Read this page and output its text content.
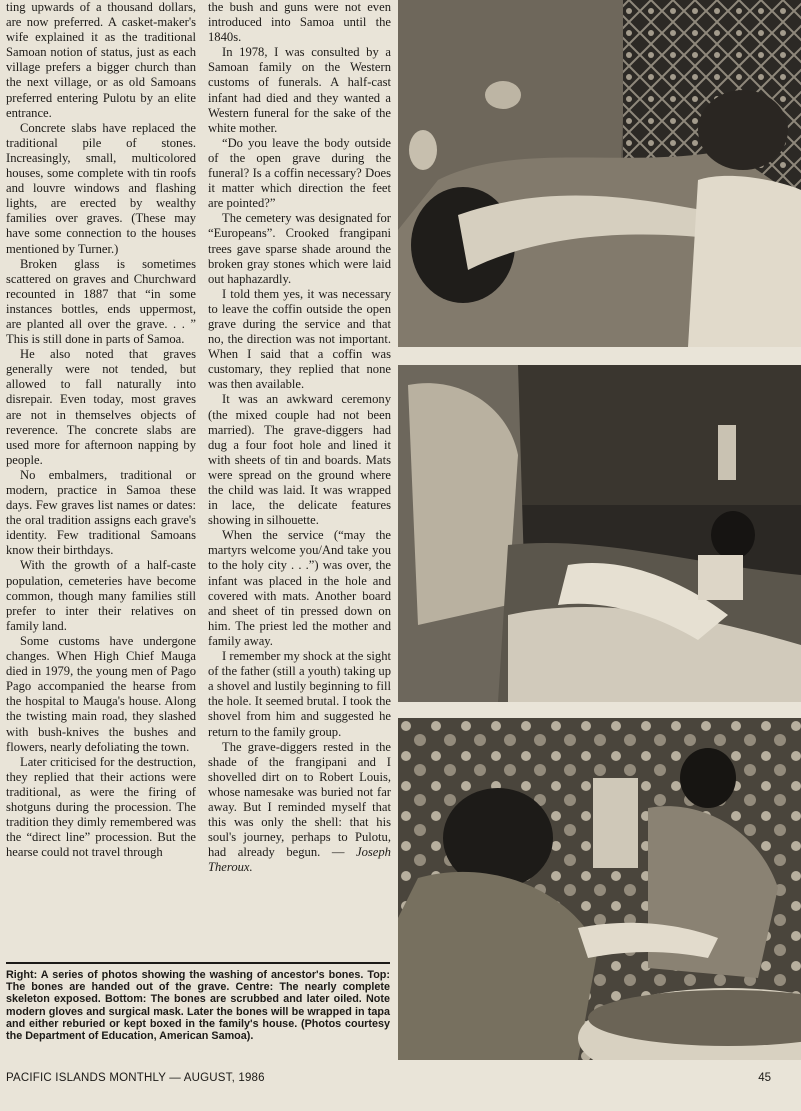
ting upwards of a thousand dollars, are now preferred. A casket-maker's wife explained it as the traditional Samoan notion of status, just as each village prefers a bigger church than the next village, or as old Samoans preferred entering Pulotu by an elite entrance.

Concrete slabs have replaced the traditional pile of stones. Increasingly, small, multicolored houses, some complete with tin roofs and louvre windows and flashing lights, are erected by wealthy families over graves. (These may have some connection to the houses mentioned by Turner.)

Broken glass is sometimes scattered on graves and Churchward recounted in 1887 that “in some instances bottles, ends uppermost, are planted all over the grave. . . ” This is still done in parts of Samoa.

He also noted that graves generally were not tended, but allowed to fall naturally into disrepair. Even today, most graves are not in themselves objects of reverence. The concrete slabs are used more for afternoon napping by people.

No embalmers, traditional or modern, practice in Samoa these days. Few graves list names or dates: the oral tradition assigns each grave's identity. Few traditional Samoans know their birthdays.

With the growth of a half-caste population, cemeteries have become common, though many families still prefer to inter their relatives on family land.

Some customs have undergone changes. When High Chief Mauga died in 1979, the young men of Pago Pago accompanied the hearse from the hospital to Mauga's house. Along the twisting main road, they slashed with bush-knives the bushes and flowers, nearly defoliating the town.

Later criticised for the destruction, they replied that their actions were traditional, as were the firing of shotguns during the procession. The tradition they dimly remembered was the “direct line” procession. But the hearse could not travel through

the bush and guns were not even introduced into Samoa until the 1840s.

In 1978, I was consulted by a Samoan family on the Western customs of funerals. A half-cast infant had died and they wanted a Western funeral for the sake of the white mother.

“Do you leave the body outside of the open grave during the funeral? Is a coffin necessary? Does it matter which direction the feet are pointed?”

The cemetery was designated for “Europeans”. Crooked frangipani trees gave sparse shade around the broken gray stones which were laid out haphazardly.

I told them yes, it was necessary to leave the coffin outside the open grave during the service and that no, the direction was not important. When I said that a coffin was customary, they replied that none was then available.

It was an awkward ceremony (the mixed couple had not been married). The grave-diggers had dug a four foot hole and lined it with sheets of tin and boards. Mats were spread on the ground where the child was laid. It was wrapped in lace, the delicate features showing in silhouette.

When the service (“may the martyrs welcome you/And take you to the holy city . . .”) was over, the infant was placed in the hole and covered with mats. Another board and sheet of tin pressed down on him. The priest led the mother and family away.

I remember my shock at the sight of the father (still a youth) taking up a shovel and lustily beginning to fill the hole. It seemed brutal. I took the shovel from him and suggested he return to the family group.

The grave-diggers rested in the shade of the frangipani and I shovelled dirt on to Robert Louis, whose namesake was buried not far away. But I reminded myself that this was only the shell: that his soul's journey, perhaps to Pulotu, had already begun. — Joseph Theroux.

Right: A series of photos showing the washing of ancestor's bones. Top: The bones are handed out of the grave. Centre: The nearly complete skeleton exposed. Bottom: The bones are scrubbed and later oiled. Note modern gloves and surgical mask. Later the bones will be wrapped in tapa and either reburied or kept boxed in the family's house. (Photos courtesy the Department of Education, American Samoa).
PACIFIC ISLANDS MONTHLY — AUGUST, 1986	45
